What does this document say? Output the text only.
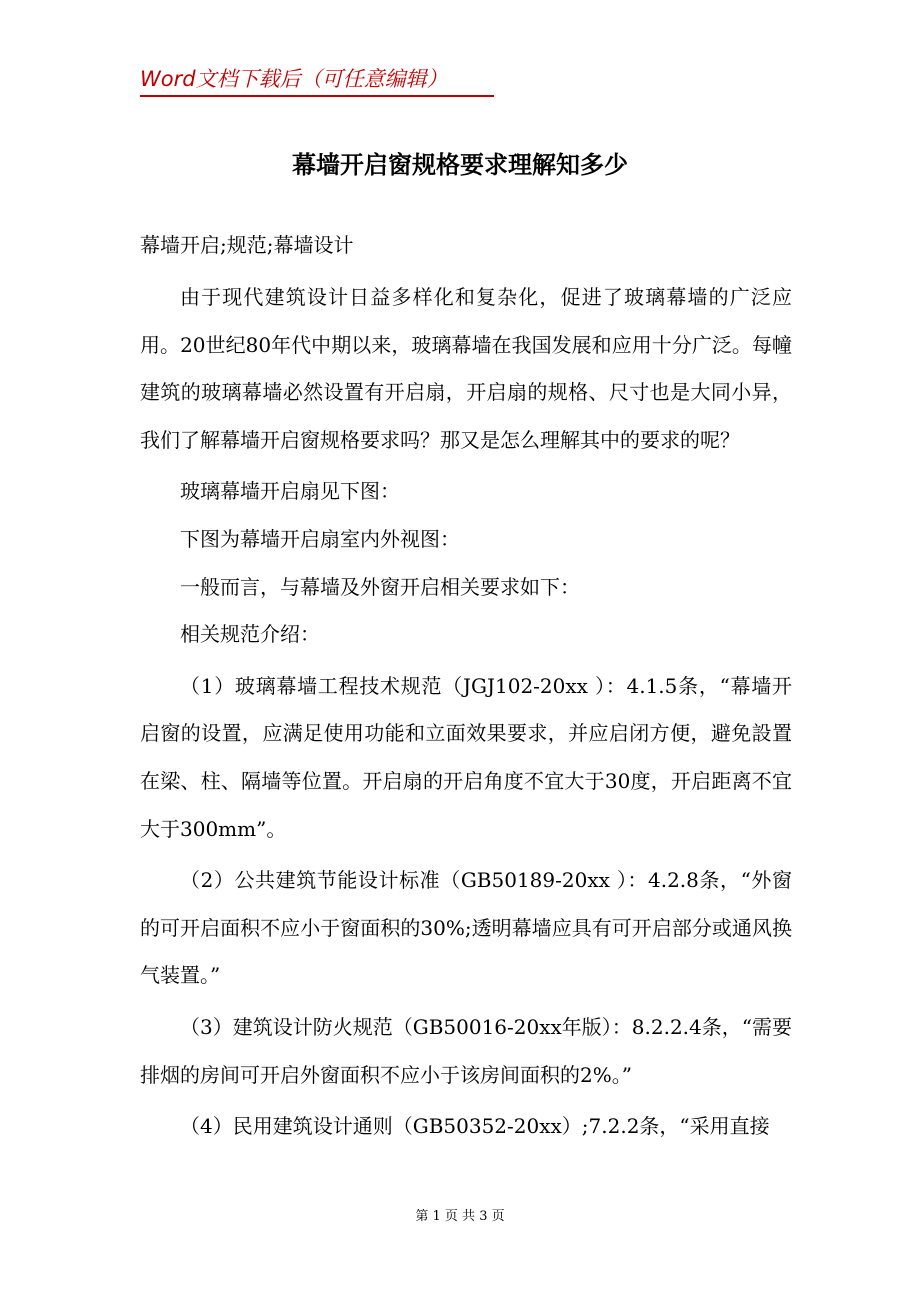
Word文档下载后（可任意编辑）
幕墙开启窗规格要求理解知多少
幕墙开启;规范;幕墙设计

由于现代建筑设计日益多样化和复杂化，促进了玻璃幕墙的广泛应用。20世纪80年代中期以来，玻璃幕墙在我国发展和应用十分广泛。每幢建筑的玻璃幕墙必然设置有开启扇，开启扇的规格、尺寸也是大同小异，我们了解幕墙开启窗规格要求吗？那又是怎么理解其中的要求的呢？

玻璃幕墙开启扇见下图：

下图为幕墙开启扇室内外视图：

一般而言，与幕墙及外窗开启相关要求如下：

相关规范介绍：

（1）玻璃幕墙工程技术规范（JGJ102-20xx ）：4.1.5条，“幕墙开启窗的设置，应满足使用功能和立面效果要求，并应启闭方便，避免設置在梁、柱、隔墙等位置。开启扇的开启角度不宜大于30度，开启距离不宜大于300mm”。

（2）公共建筑节能设计标准（GB50189-20xx ）：4.2.8条，“外窗的可开启面积不应小于窗面积的30%;透明幕墙应具有可开启部分或通风换气装置。”

（3）建筑设计防火规范（GB50016-20xx年版）：8.2.2.4条，“需要排烟的房间可开启外窗面积不应小于该房间面积的2%。”

（4）民用建筑设计通则（GB50352-20xx）;7.2.2条，“采用直接

第 1 页 共 3 页
